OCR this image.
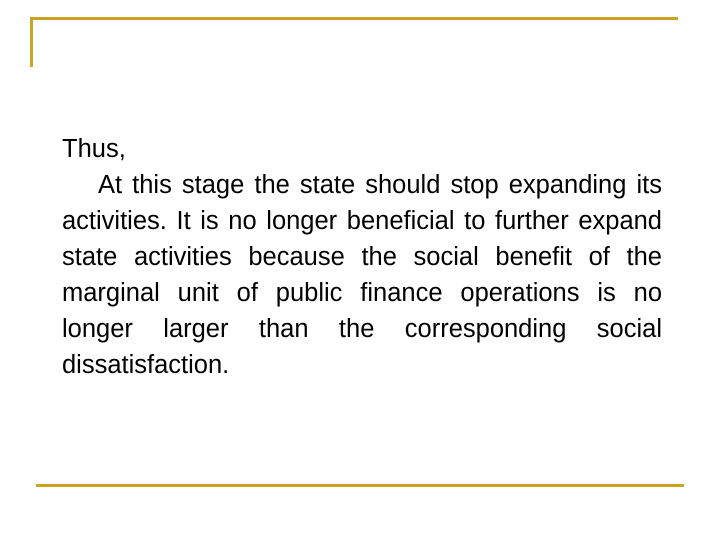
Thus,

At this stage the state should stop expanding its activities. It is no longer beneficial to further expand state activities because the social benefit of the marginal unit of public finance operations is no longer larger than the corresponding social dissatisfaction.
